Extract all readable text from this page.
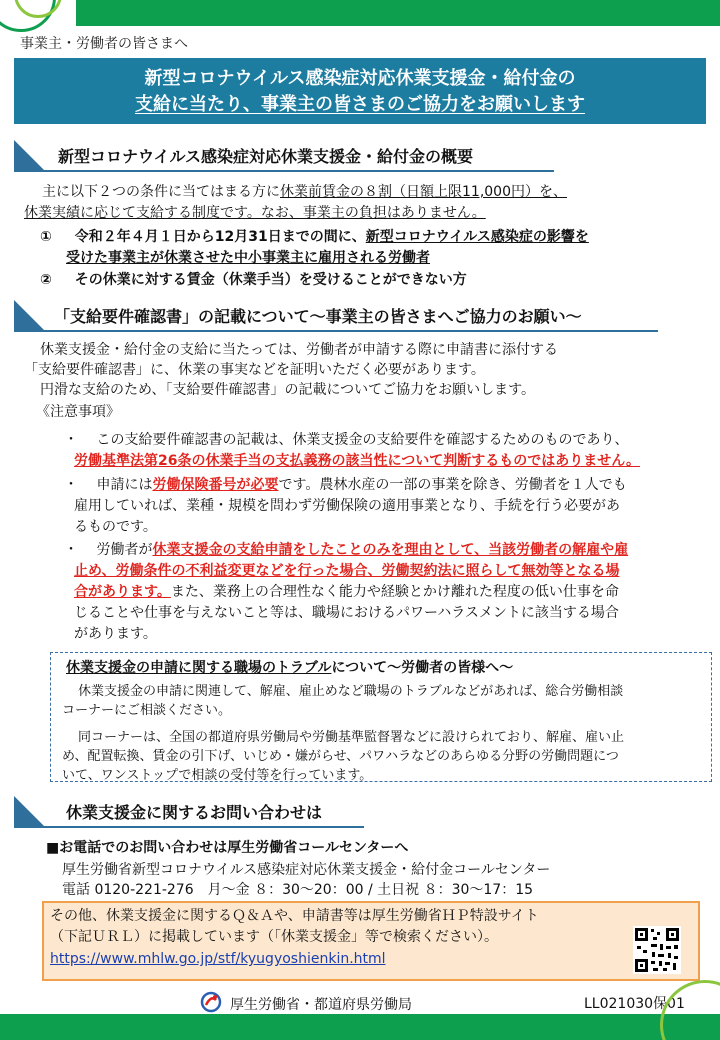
事業主・労働者の皆さまへ
新型コロナウイルス感染症対応休業支援金・給付金の
支給に当たり、事業主の皆さまのご協力をお願いします
新型コロナウイルス感染症対応休業支援金・給付金の概要
主に以下２つの条件に当てはまる方に休業前賃金の８割（日額上限11,000円）を、
休業実績に応じて支給する制度です。なお、事業主の負担はありません。
① 令和２年４月１日から12月31日までの間に、新型コロナウイルス感染症の影響を
受けた事業主が休業させた中小事業主に雇用される労働者
② その休業に対する賃金（休業手当）を受けることができない方
「支給要件確認書」の記載について～事業主の皆さまへご協力のお願い～
休業支援金・給付金の支給に当たっては、労働者が申請する際に申請書に添付する
「支給要件確認書」に、休業の事実などを証明いただく必要があります。
円滑な支給のため、「支給要件確認書」の記載についてご協力をお願いします。
《注意事項》
・ この支給要件確認書の記載は、休業支援金の支給要件を確認するためのものであり、
労働基準法第26条の休業手当の支払義務の該当性について判断するものではありません。
・ 申請には労働保険番号が必要です。農林水産の一部の事業を除き、労働者を１人でも
雇用していれば、業種・規模を問わず労働保険の適用事業となり、手続を行う必要があ
るものです。
・ 労働者が休業支援金の支給申請をしたことのみを理由として、当該労働者の解雇や雇
止め、労働条件の不利益変更などを行った場合、労働契約法に照らして無効等となる場
合があります。また、業務上の合理性なく能力や経験とかけ離れた程度の低い仕事を命
じることや仕事を与えないこと等は、職場におけるパワーハラスメントに該当する場合
があります。
休業支援金の申請に関する職場のトラブルについて～労働者の皆様へ～
休業支援金の申請に関連して、解雇、雇止めなど職場のトラブルなどがあれば、総合労働相談
コーナーにご相談ください。
同コーナーは、全国の都道府県労働局や労働基準監督署などに設けられており、解雇、雇い止
め、配置転換、賃金の引下げ、いじめ・嫌がらせ、パワハラなどのあらゆる分野の労働問題につ
いて、ワンストップで相談の受付等を行っています。
休業支援金に関するお問い合わせは
■お電話でのお問い合わせは厚生労働省コールセンターへ
厚生労働省新型コロナウイルス感染症対応休業支援金・給付金コールセンター
電話 0120-221-276　月～金 ８：30～20：00 / 土日祝 ８：30～17：15
その他、休業支援金に関するＱ＆Ａや、申請書等は厚生労働省ＨＰ特設サイト
（下記ＵＲＬ）に掲載しています（「休業支援金」等で検索ください）。
https://www.mhlw.go.jp/stf/kyugyoshienkin.html
厚生労働省・都道府県労働局	LL021030保01
